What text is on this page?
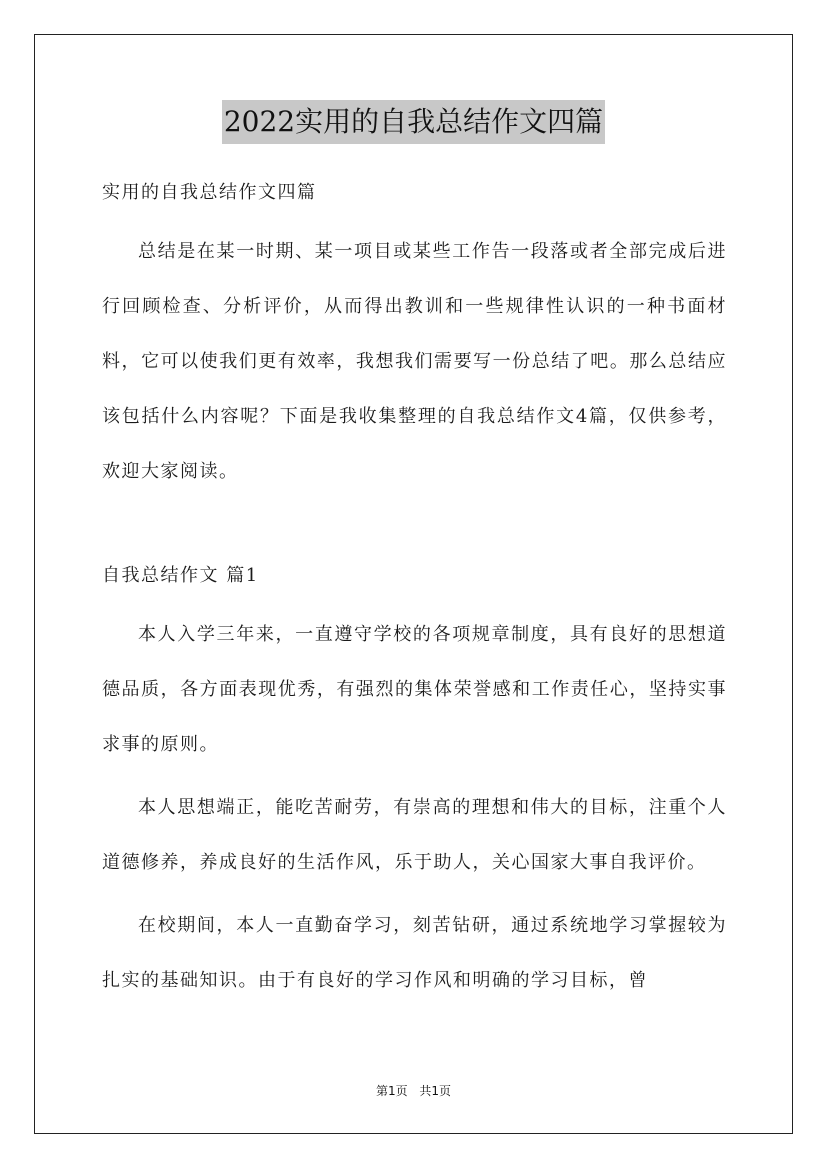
2022实用的自我总结作文四篇
实用的自我总结作文四篇

总结是在某一时期、某一项目或某些工作告一段落或者全部完成后进行回顾检查、分析评价，从而得出教训和一些规律性认识的一种书面材料，它可以使我们更有效率，我想我们需要写一份总结了吧。那么总结应该包括什么内容呢？下面是我收集整理的自我总结作文4篇，仅供参考，欢迎大家阅读。

自我总结作文 篇1

本人入学三年来，一直遵守学校的各项规章制度，具有良好的思想道德品质，各方面表现优秀，有强烈的集体荣誉感和工作责任心，坚持实事求事的原则。

本人思想端正，能吃苦耐劳，有崇高的理想和伟大的目标，注重个人道德修养，养成良好的生活作风，乐于助人，关心国家大事自我评价。

在校期间，本人一直勤奋学习，刻苦钻研，通过系统地学习掌握较为扎实的基础知识。由于有良好的学习作风和明确的学习目标，曾

第1页 共1页
